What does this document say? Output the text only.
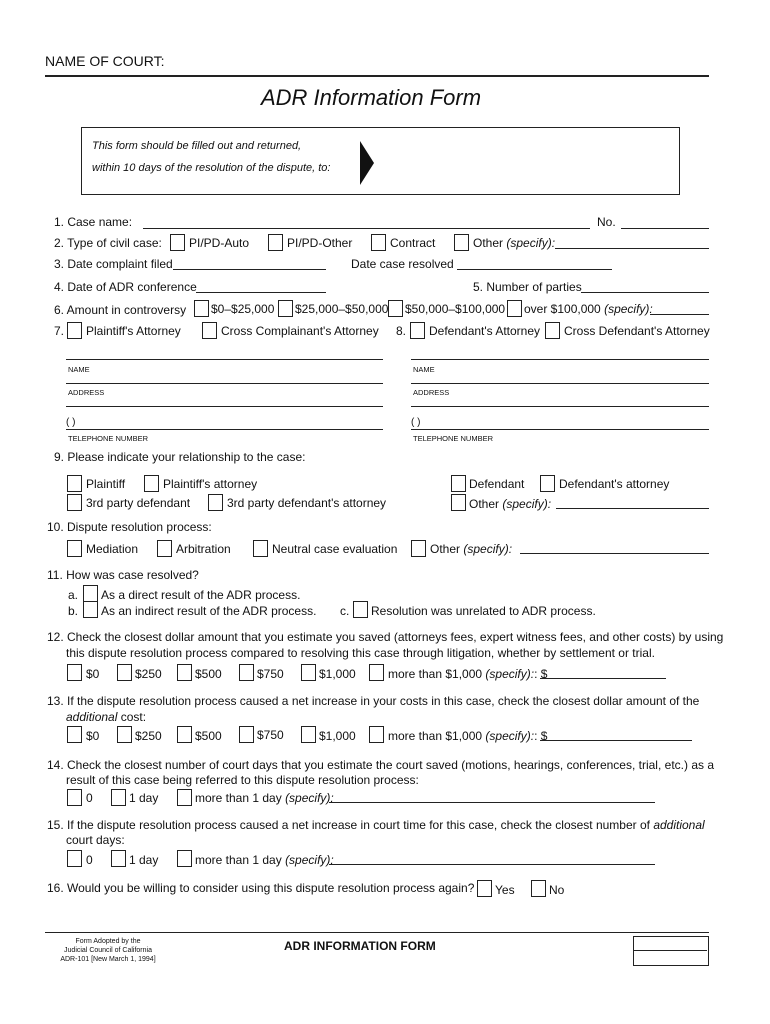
NAME OF COURT:
ADR Information Form
This form should be filled out and returned,
within 10 days of the resolution of the dispute, to:
1. Case name:	No.
2. Type of civil case: PI/PD-Auto	PI/PD-Other	Contract	Other (specify):
3. Date complaint filed	Date case resolved
4. Date of ADR conference	5. Number of parties
6. Amount in controversy $0–$25,000 $25,000–$50,000 $50,000–$100,000 over $100,000 (specify):
7. Plaintiff's Attorney	Cross Complainant's Attorney 8. Defendant's Attorney Cross Defendant's Attorney
NAME
ADDRESS
( )
TELEPHONE NUMBER
NAME
ADDRESS
( )
TELEPHONE NUMBER
9. Please indicate your relationship to the case:
Plaintiff	Plaintiff's attorney
3rd party defendant	3rd party defendant's attorney
Defendant	Defendant's attorney
Other (specify):
10. Dispute resolution process:
Mediation	Arbitration	Neutral case evaluation	Other (specify):
11. How was case resolved?
a. As a direct result of the ADR process.
b. As an indirect result of the ADR process. c. Resolution was unrelated to ADR process.
12. Check the closest dollar amount that you estimate you saved (attorneys fees, expert witness fees, and other costs) by using
this dispute resolution process compared to resolving this case through litigation, whether by settlement or trial.
$0	$250	$500	$750	$1,000	more than $1,000 (specify):: $
13. If the dispute resolution process caused a net increase in your costs in this case, check the closest dollar amount of the
additional cost:
$0	$250	$500	$750	$1,000	more than $1,000 (specify):: $
14. Check the closest number of court days that you estimate the court saved (motions, hearings, conferences, trial, etc.) as a
result of this case being referred to this dispute resolution process:
0	1 day	more than 1 day (specify):
15. If the dispute resolution process caused a net increase in court time for this case, check the closest number of additional
court days:
0	1 day	more than 1 day (specify):
16. Would you be willing to consider using this dispute resolution process again? Yes	No
Form Adopted by the
Judicial Council of California
ADR-101 [New March 1, 1994]
ADR INFORMATION FORM
